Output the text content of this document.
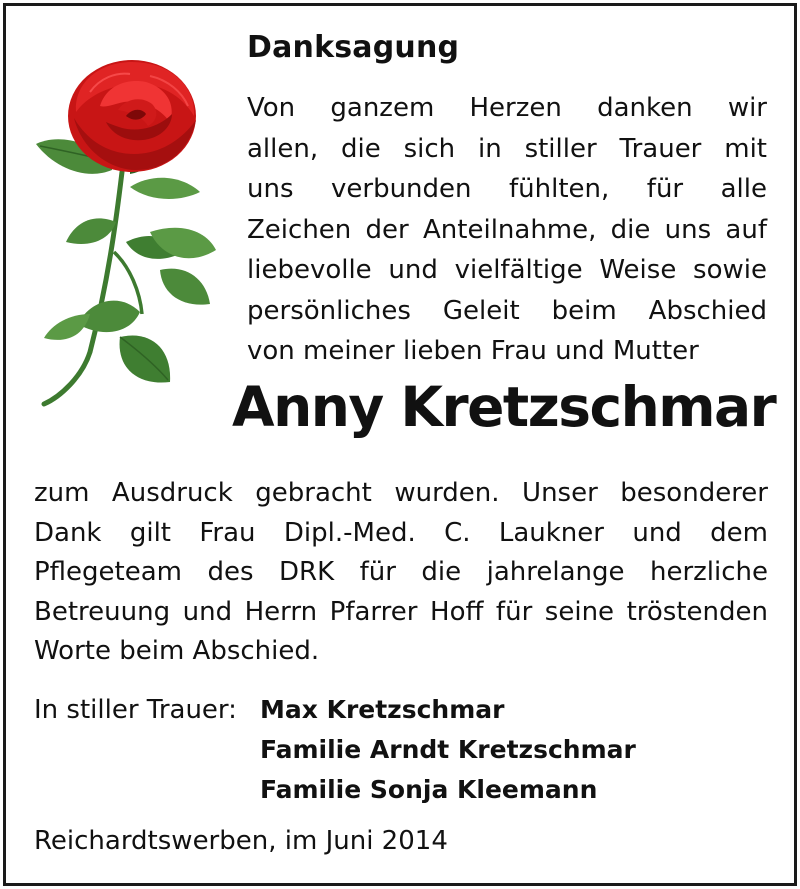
Danksagung

Von ganzem Herzen danken wir
allen, die sich in stiller Trauer mit
uns verbunden fühlten, für alle
Zeichen der Anteilnahme, die uns auf
liebevolle und vielfältige Weise sowie
persönliches Geleit beim Abschied
von meiner lieben Frau und Mutter

Anny Kretzschmar

zum Ausdruck gebracht wurden. Unser besonderer
Dank gilt Frau Dipl.-Med. C. Laukner und dem
Pflegeteam des DRK für die jahrelange herzliche
Betreuung und Herrn Pfarrer Hoff für seine tröstenden
Worte beim Abschied.

In stiller Trauer: Max Kretzschmar
Familie Arndt Kretzschmar
Familie Sonja Kleemann

Reichardtswerben, im Juni 2014
